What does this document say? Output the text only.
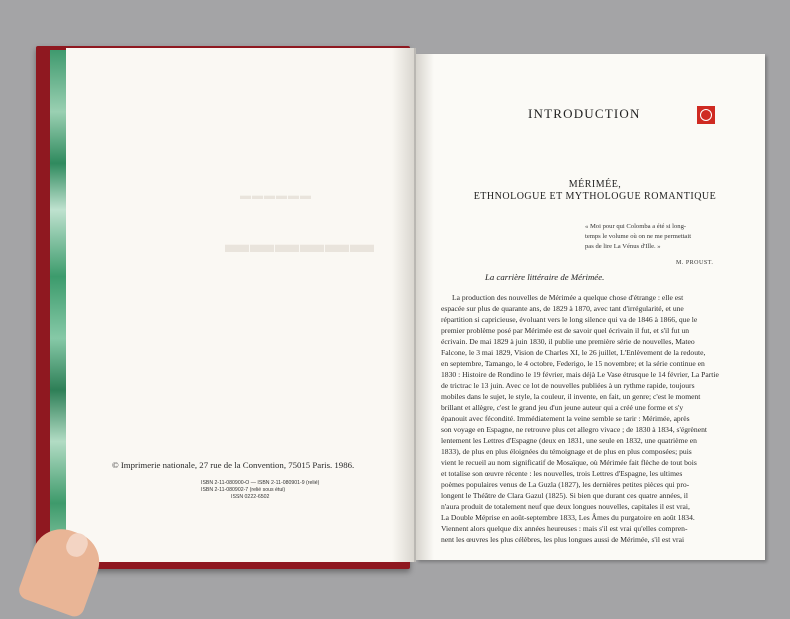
▬▬▬▬▬▬
▬▬▬▬▬▬
© Imprimerie nationale, 27 rue de la Convention, 75015 Paris. 1986.
ISBN 2-11-080900-O — ISBN 2-11-080901-9 (relié)
ISBN 2-11-080902-7 (relié sous étui)
ISSN 0222-6502
INTRODUCTION
MÉRIMÉE,
ETHNOLOGUE ET MYTHOLOGUE ROMANTIQUE
« Moi pour qui Colomba a été si long-
temps le volume où on ne me permettait
pas de lire La Vénus d'Ille. »
M. PROUST.
La carrière littéraire de Mérimée.
La production des nouvelles de Mérimée a quelque chose d'étrange : elle est
espacée sur plus de quarante ans, de 1829 à 1870, avec tant d'irrégularité, et une
répartition si capricieuse, évoluant vers le long silence qui va de 1846 à 1866, que le
premier problème posé par Mérimée est de savoir quel écrivain il fut, et s'il fut un
écrivain. De mai 1829 à juin 1830, il publie une première série de nouvelles, Mateo
Falcone, le 3 mai 1829, Vision de Charles XI, le 26 juillet, L'Enlèvement de la redoute,
en septembre, Tamango, le 4 octobre, Federigo, le 15 novembre; et la série continue en
1830 : Histoire de Rondino le 19 février, mais déjà Le Vase étrusque le 14 février, La Partie
de trictrac le 13 juin. Avec ce lot de nouvelles publiées à un rythme rapide, toujours
mobiles dans le sujet, le style, la couleur, il invente, en fait, un genre; c'est le moment
brillant et allègre, c'est le grand jeu d'un jeune auteur qui a créé une forme et s'y
épanouit avec fécondité. Immédiatement la veine semble se tarir : Mérimée, après
son voyage en Espagne, ne retrouve plus cet allegro vivace ; de 1830 à 1834, s'égrènent
lentement les Lettres d'Espagne (deux en 1831, une seule en 1832, une quatrième en
1833), de plus en plus éloignées du témoignage et de plus en plus composées; puis
vient le recueil au nom significatif de Mosaïque, où Mérimée fait flèche de tout bois
et totalise son œuvre récente : les nouvelles, trois Lettres d'Espagne, les ultimes
poèmes populaires venus de La Guzla (1827), les dernières petites pièces qui pro-
longent le Théâtre de Clara Gazul (1825). Si bien que durant ces quatre années, il
n'aura produit de totalement neuf que deux longues nouvelles, capitales il est vrai,
La Double Méprise en août-septembre 1833, Les Âmes du purgatoire en août 1834.
Viennent alors quelque dix années heureuses : mais s'il est vrai qu'elles compren-
nent les œuvres les plus célèbres, les plus longues aussi de Mérimée, s'il est vrai
